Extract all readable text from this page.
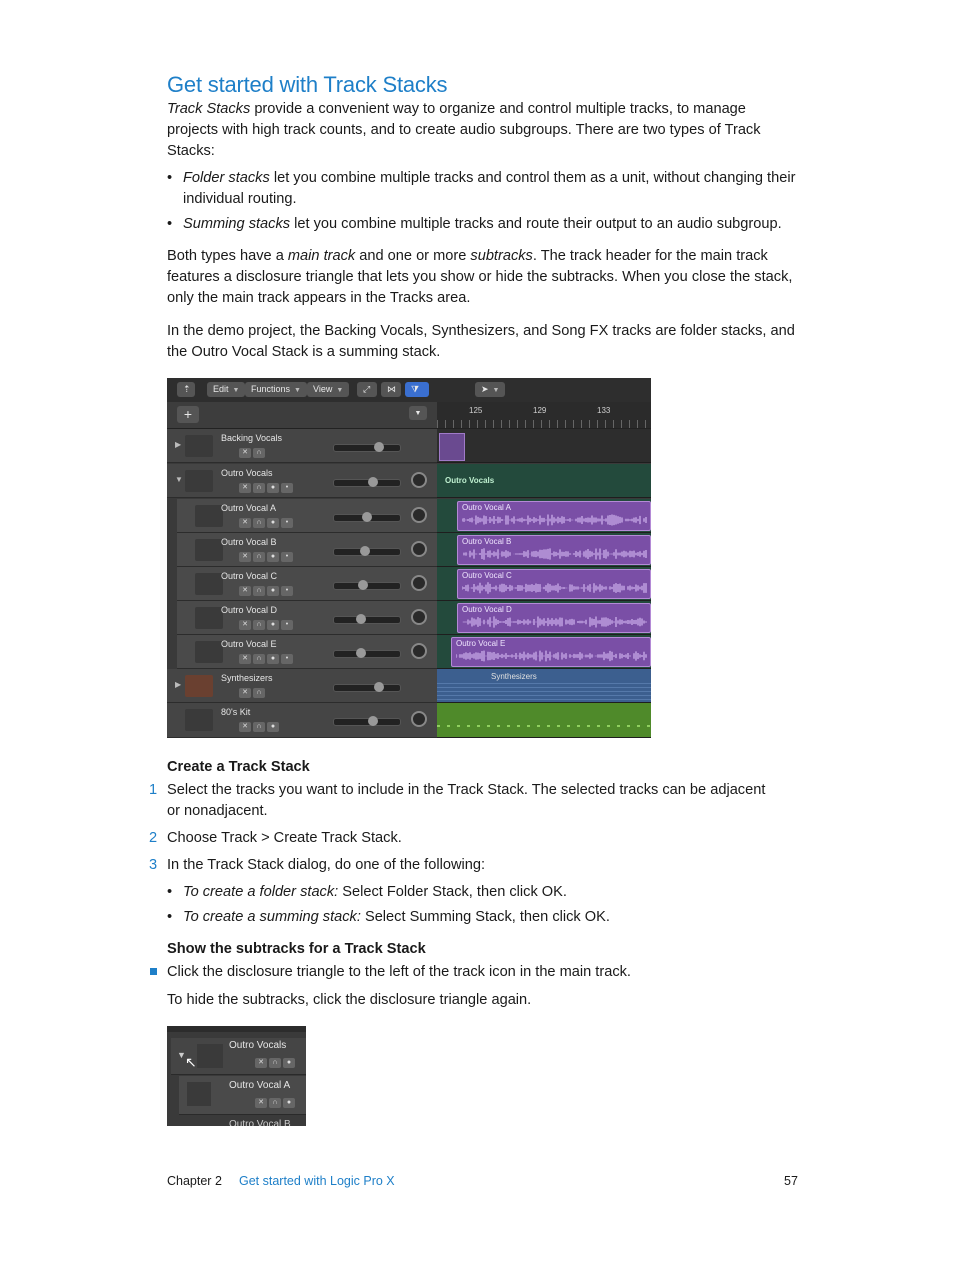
Get started with Track Stacks
Track Stacks provide a convenient way to organize and control multiple tracks, to manage projects with high track counts, and to create audio subgroups. There are two types of Track Stacks:
• Folder stacks let you combine multiple tracks and control them as a unit, without changing their individual routing.
• Summing stacks let you combine multiple tracks and route their output to an audio subgroup.
Both types have a main track and one or more subtracks. The track header for the main track features a disclosure triangle that lets you show or hide the subtracks. When you close the stack, only the main track appears in the Tracks area.
In the demo project, the Backing Vocals, Synthesizers, and Song FX tracks are folder stacks, and the Outro Vocal Stack is a summing stack.
⇡	Edit ▼	Functions ▼	View ▼	⤢	⋈	⧩	➤ ▼
+	▼	125	129	133
▶
Backing Vocals
✕ ∩
▼
Outro Vocals
✕ ∩ ● •
Outro Vocal A
✕ ∩ ● •
Outro Vocal B
✕ ∩ ● •
Outro Vocal C
✕ ∩ ● •
Outro Vocal D
✕ ∩ ● •
Outro Vocal E
✕ ∩ ● •
▶
Synthesizers
✕ ∩
80's Kit
✕ ∩ ●
Outro Vocals
Outro Vocal A
Outro Vocal B
Outro Vocal C
Outro Vocal D
Outro Vocal E
Synthesizers
Create a Track Stack
1 Select the tracks you want to include in the Track Stack. The selected tracks can be adjacent or nonadjacent.
2 Choose Track > Create Track Stack.
3 In the Track Stack dialog, do one of the following:
• To create a folder stack: Select Folder Stack, then click OK.
• To create a summing stack: Select Summing Stack, then click OK.
Show the subtracks for a Track Stack
Click the disclosure triangle to the left of the track icon in the main track.
To hide the subtracks, click the disclosure triangle again.
▼ ↖
Outro Vocals
✕ ∩ ●
Outro Vocal A
✕ ∩ ●
Outro Vocal B
Chapter 2 Get started with Logic Pro X	57
